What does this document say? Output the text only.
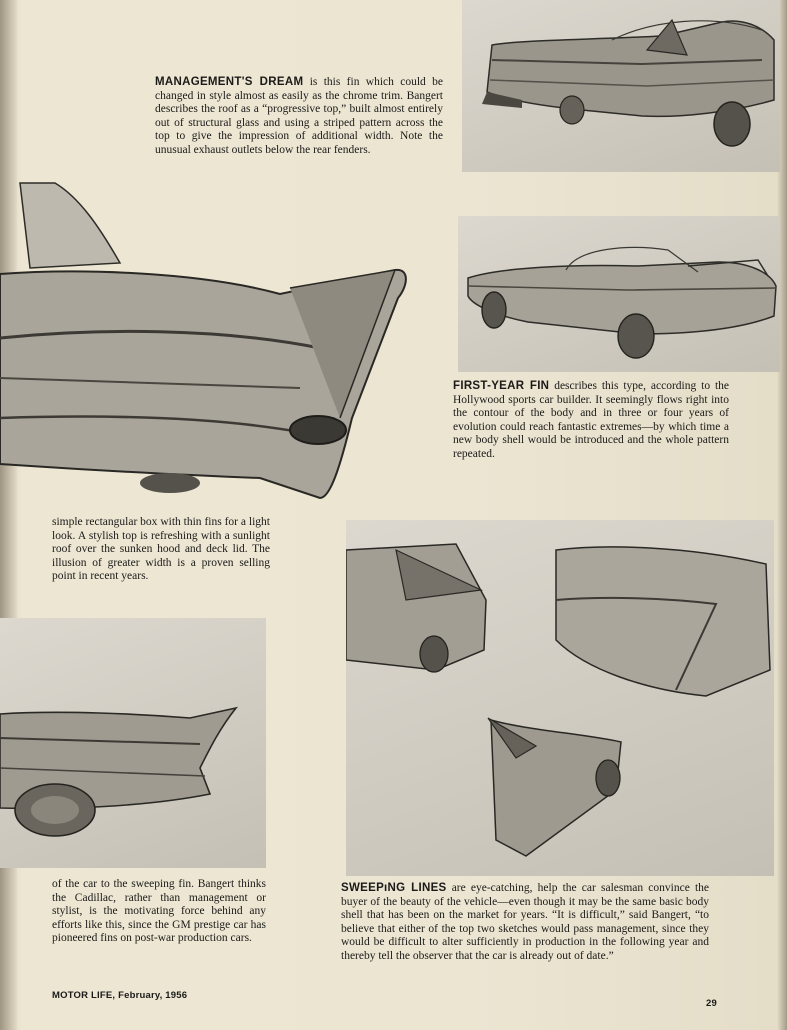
MANAGEMENT'S DREAM is this fin which could be changed in style almost as easily as the chrome trim. Bangert describes the roof as a “progressive top,” built almost entirely out of structural glass and using a striped pattern across the top to give the impression of additional width. Note the unusual exhaust outlets below the rear fenders.

FIRST-YEAR FIN describes this type, according to the Hollywood sports car builder. It seemingly flows right into the contour of the body and in three or four years of evolution could reach fantastic extremes—by which time a new body shell would be introduced and the whole pattern repeated.

simple rectangular box with thin fins for a light look. A stylish top is refreshing with a sunlight roof over the sunken hood and deck lid. The illusion of greater width is a proven selling point in recent years.

of the car to the sweeping fin. Bangert thinks the Cadillac, rather than management or stylist, is the motivating force behind any efforts like this, since the GM prestige car has pioneered fins on post-war production cars.

SWEEPıNG LINES are eye-catching, help the car salesman convince the buyer of the beauty of the vehicle—even though it may be the same basic body shell that has been on the market for years. “It is difficult,” said Bangert, “to believe that either of the top two sketches would pass management, since they would be difficult to alter sufficiently in production in the following year and thereby tell the observer that the car is already out of date.”

MOTOR LIFE, February, 1956
29
